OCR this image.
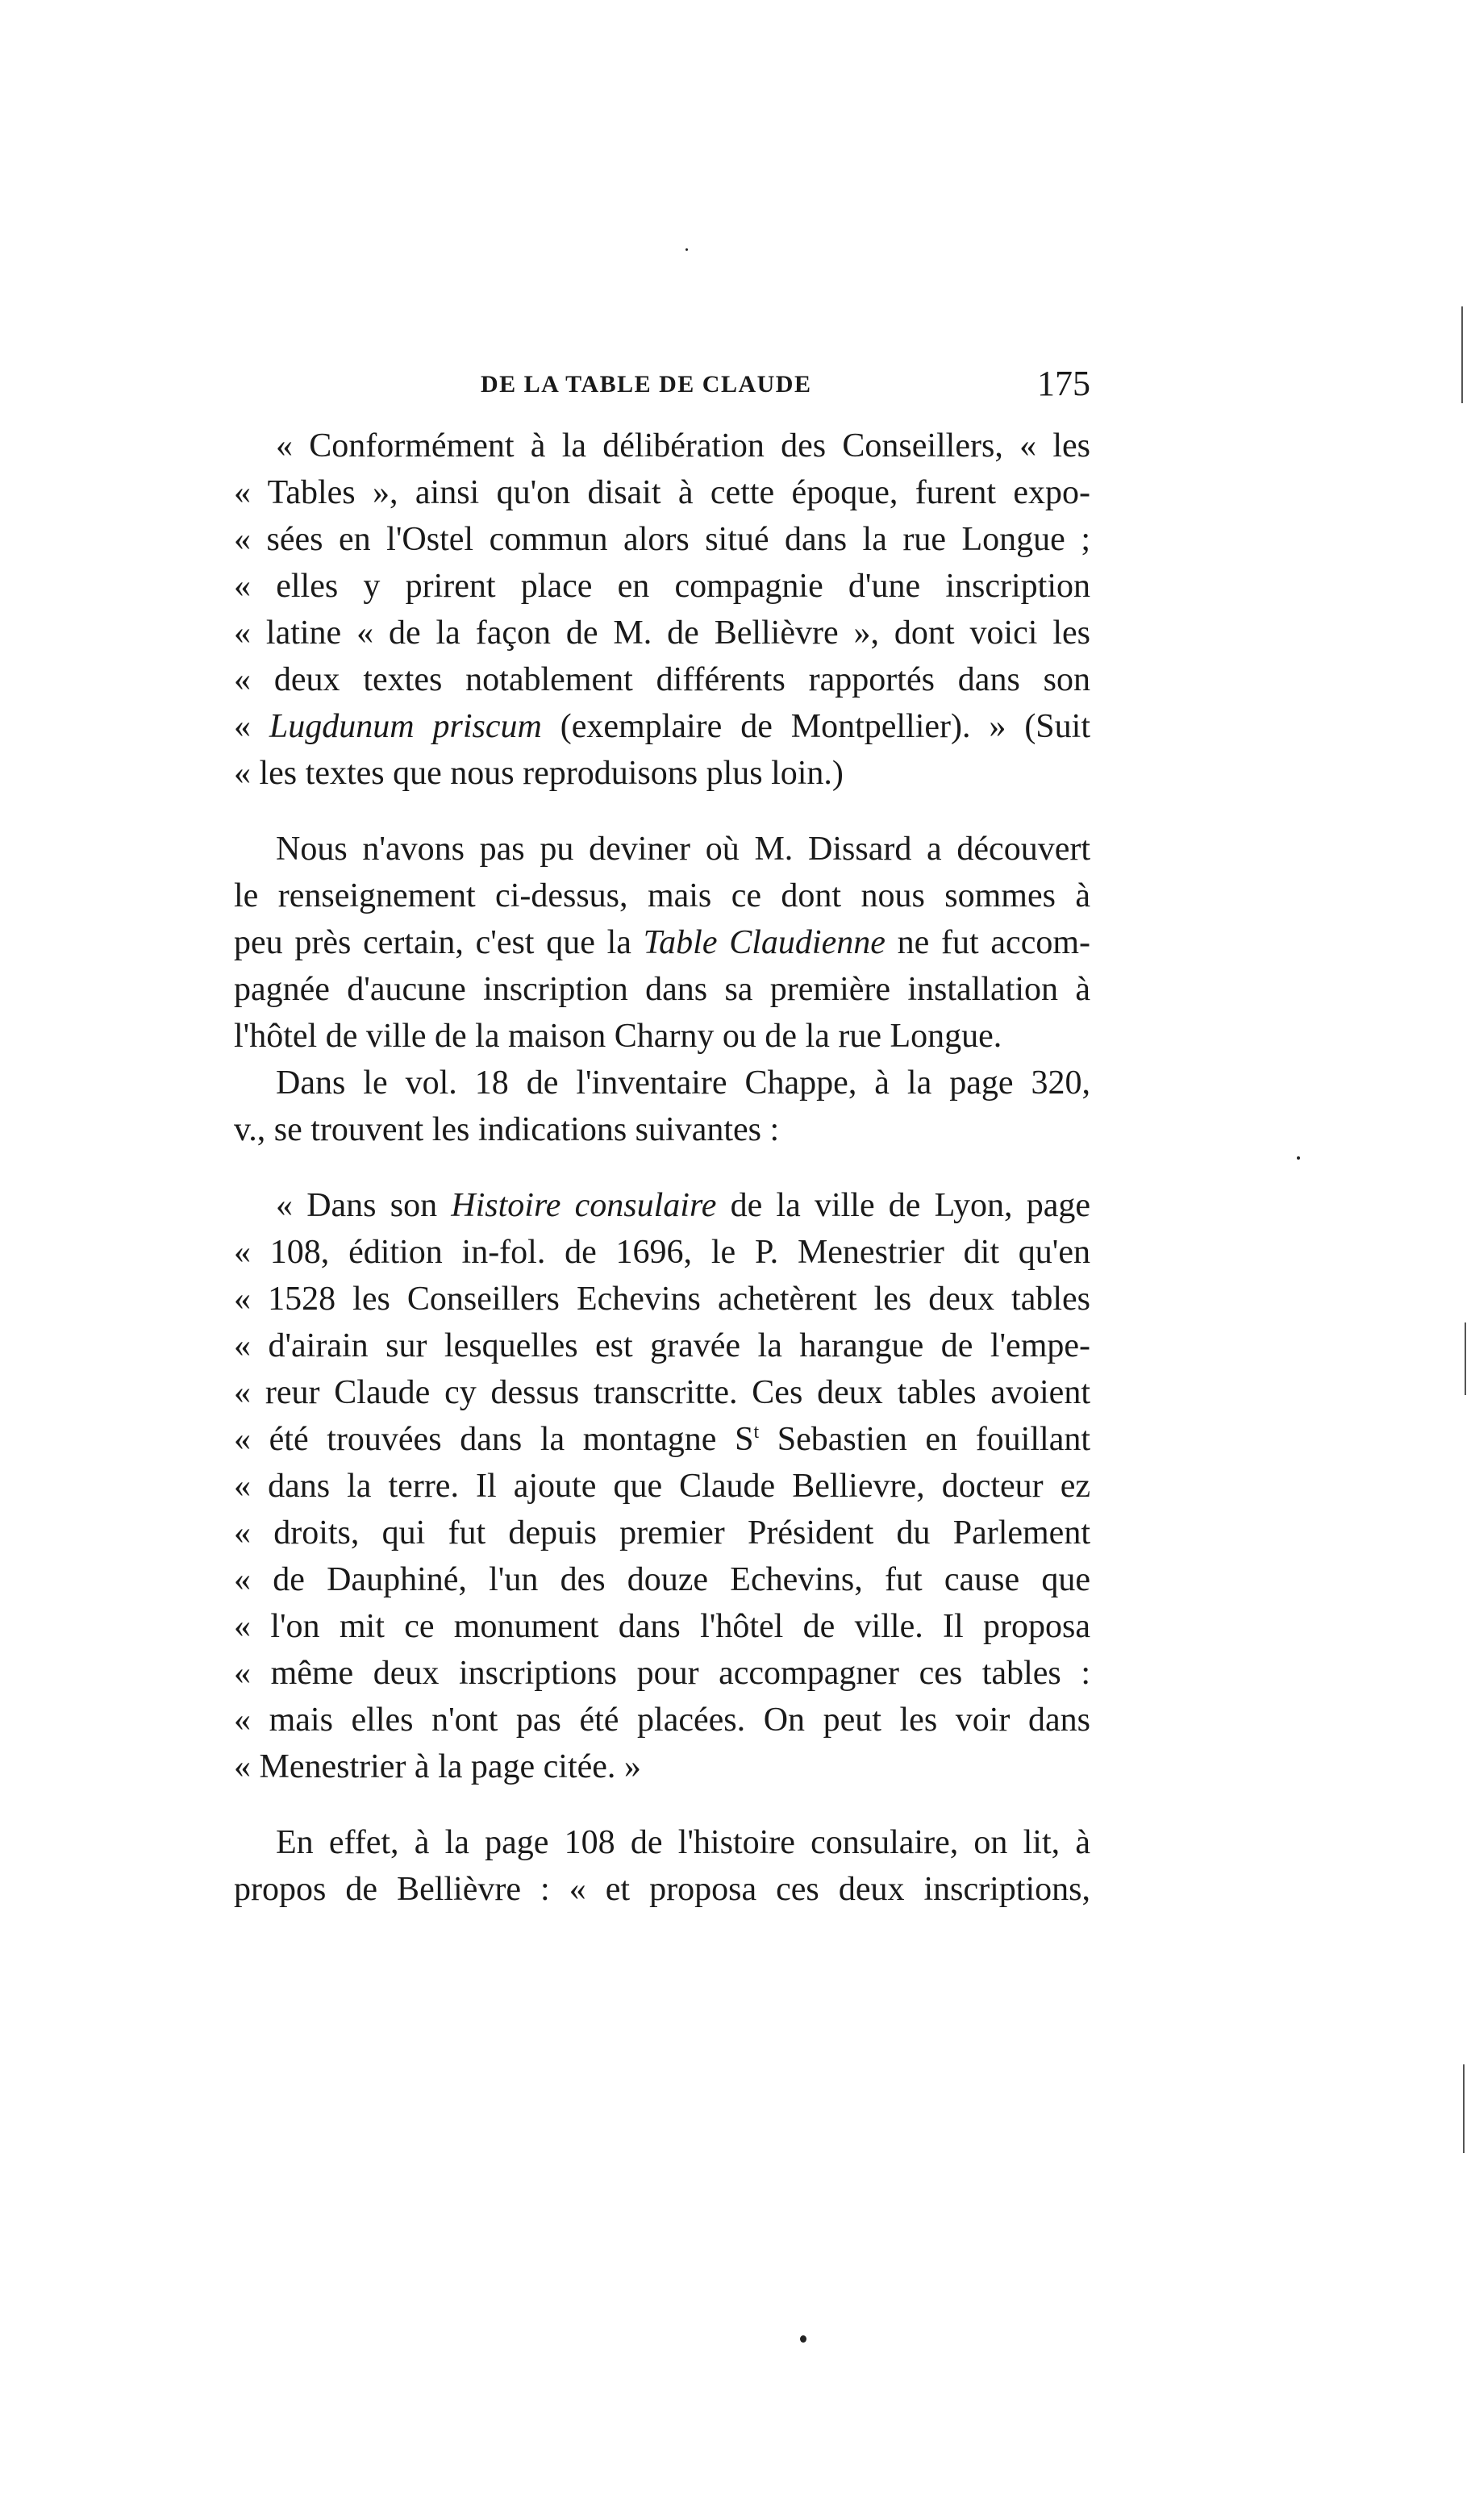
DE LA TABLE DE CLAUDE	175
« Conformément à la délibération des Conseillers, « les
« Tables », ainsi qu'on disait à cette époque, furent expo-
« sées en l'Ostel commun alors situé dans la rue Longue ;
« elles y prirent place en compagnie d'une inscription
« latine « de la façon de M. de Bellièvre », dont voici les
« deux textes notablement différents rapportés dans son
« Lugdunum priscum (exemplaire de Montpellier). » (Suit
« les textes que nous reproduisons plus loin.)
Nous n'avons pas pu deviner où M. Dissard a découvert
le renseignement ci-dessus, mais ce dont nous sommes à
peu près certain, c'est que la Table Claudienne ne fut accom-
pagnée d'aucune inscription dans sa première installation à
l'hôtel de ville de la maison Charny ou de la rue Longue.
Dans le vol. 18 de l'inventaire Chappe, à la page 320,
v., se trouvent les indications suivantes :
« Dans son Histoire consulaire de la ville de Lyon, page
« 108, édition in-fol. de 1696, le P. Menestrier dit qu'en
« 1528 les Conseillers Echevins achetèrent les deux tables
« d'airain sur lesquelles est gravée la harangue de l'empe-
« reur Claude cy dessus transcritte. Ces deux tables avoient
« été trouvées dans la montagne $S^t$ Sebastien en fouillant
« dans la terre. Il ajoute que Claude Bellievre, docteur ez
« droits, qui fut depuis premier Président du Parlement
« de Dauphiné, l'un des douze Echevins, fut cause que
« l'on mit ce monument dans l'hôtel de ville. Il proposa
« même deux inscriptions pour accompagner ces tables :
« mais elles n'ont pas été placées. On peut les voir dans
« Menestrier à la page citée. »
En effet, à la page 108 de l'histoire consulaire, on lit, à
propos de Bellièvre : « et proposa ces deux inscriptions,
